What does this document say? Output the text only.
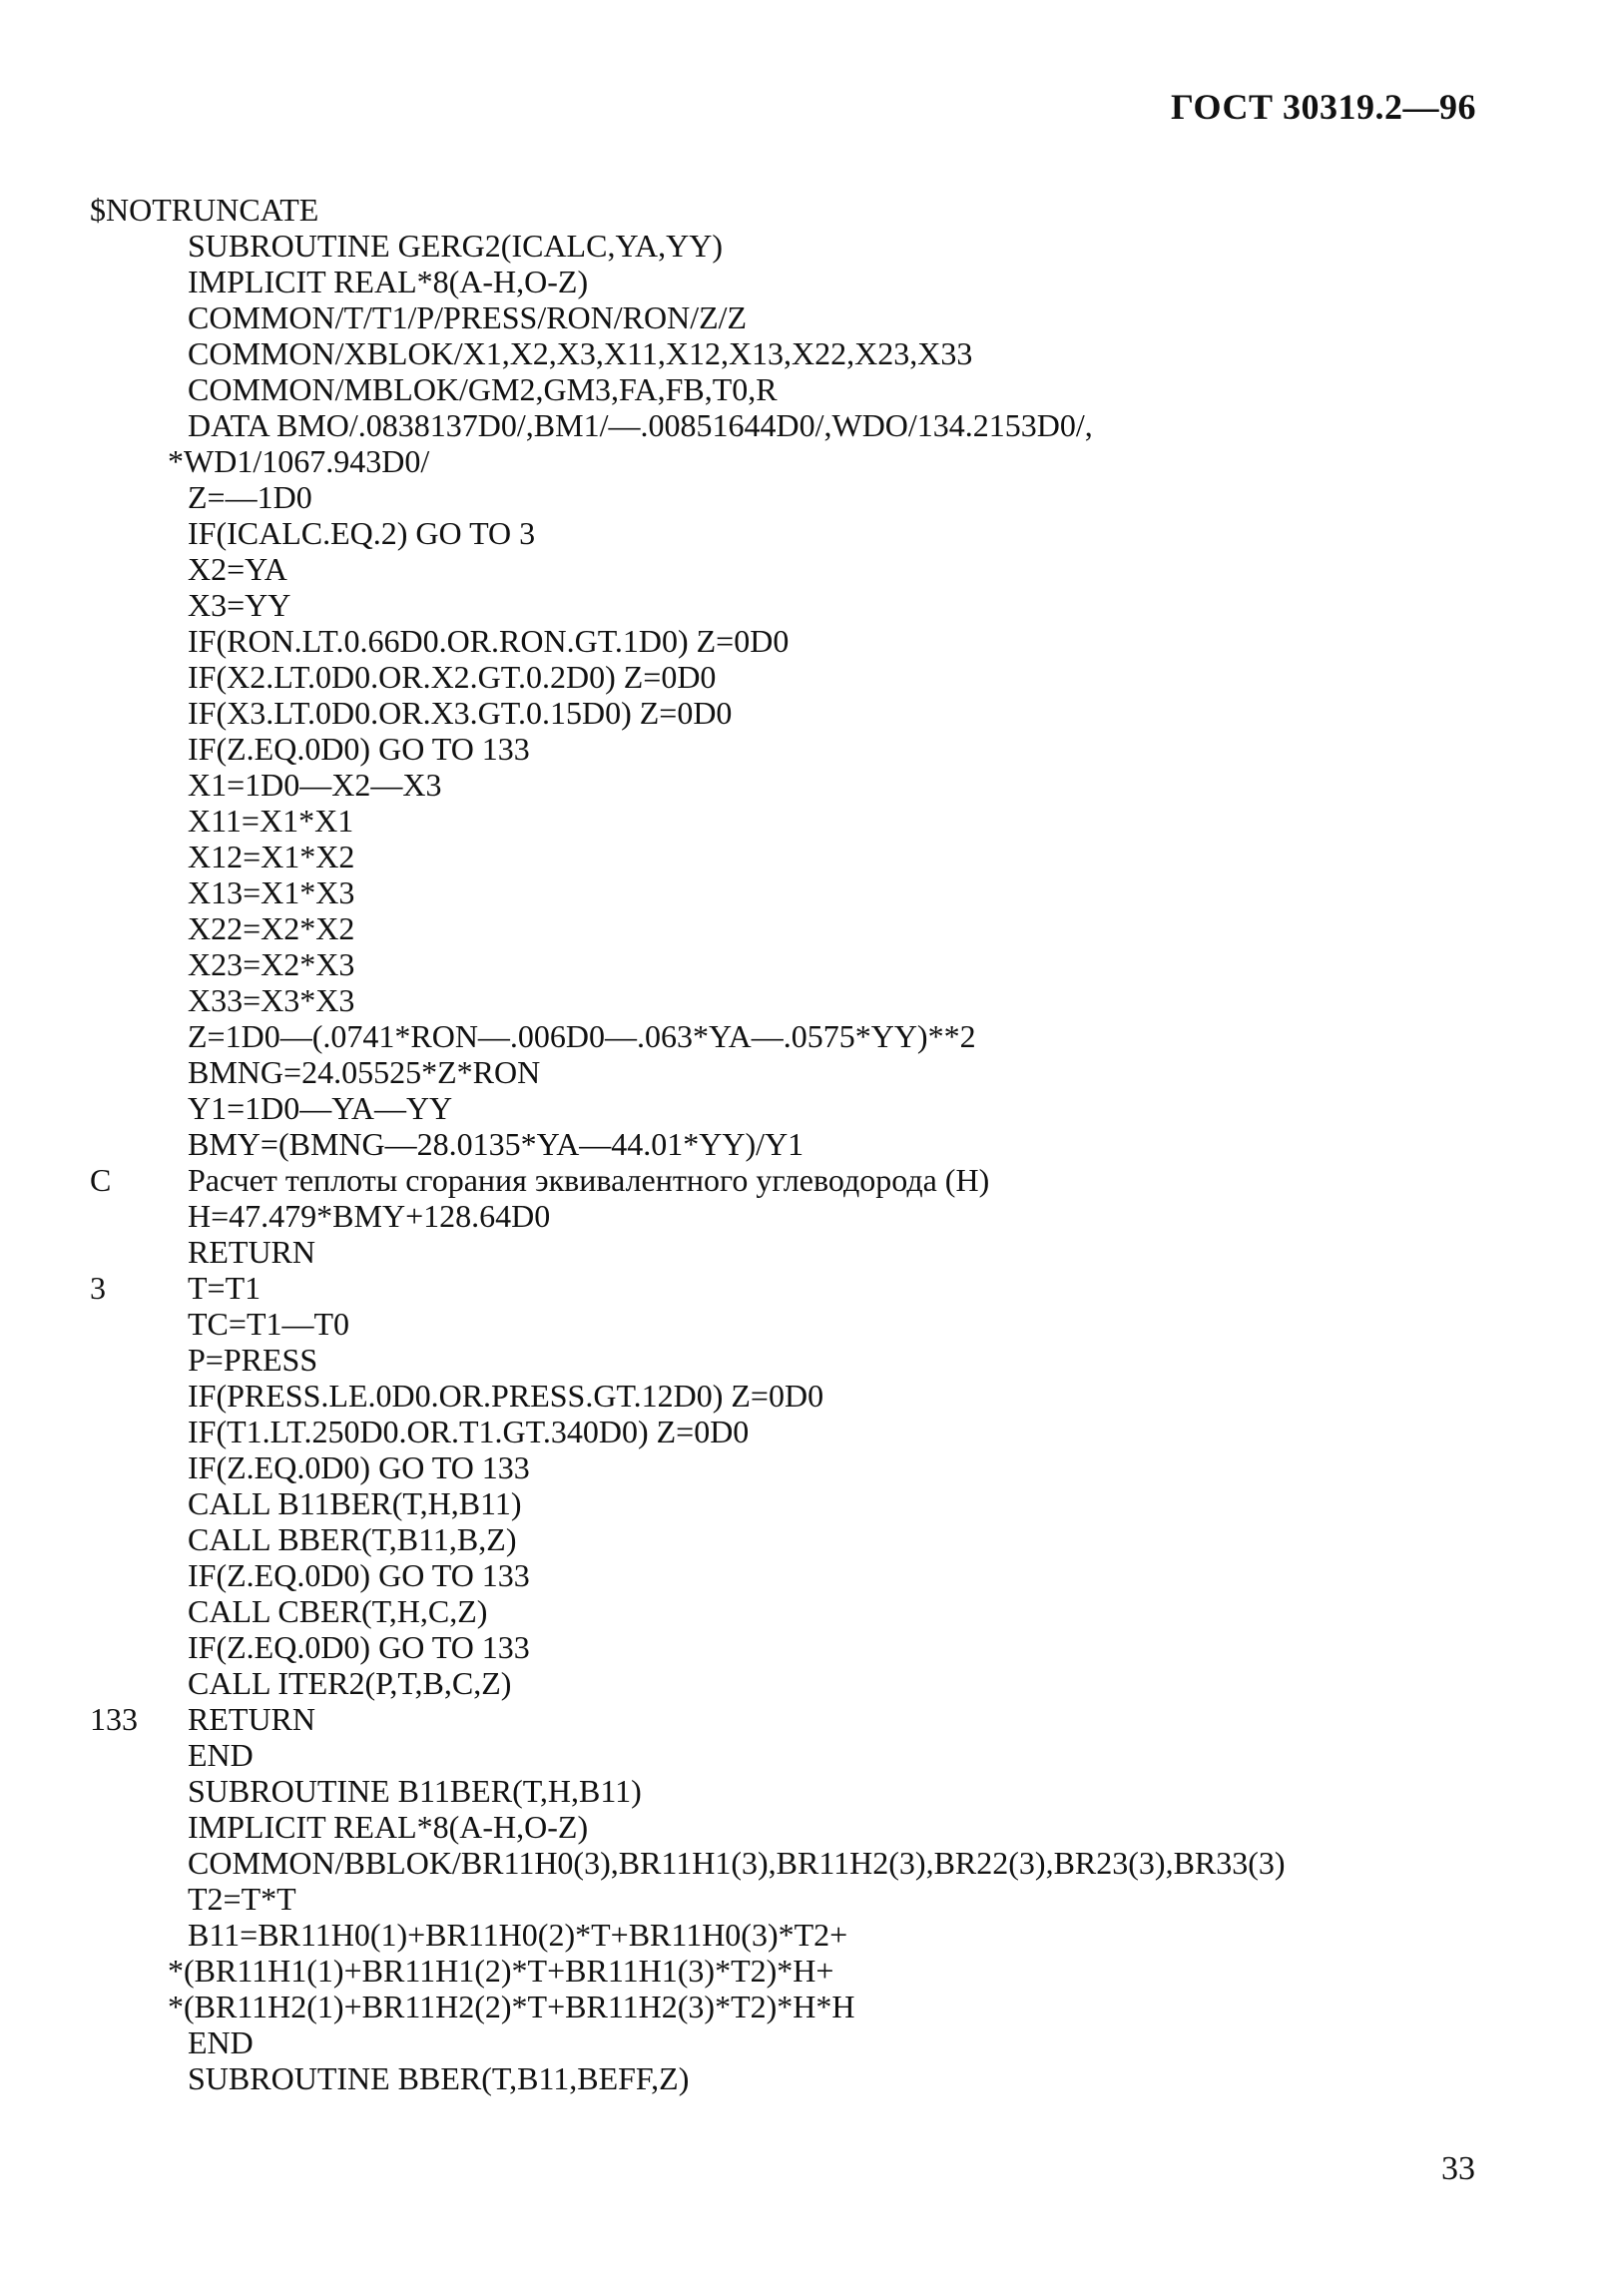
ГОСТ 30319.2—96
$NOTRUNCATE
SUBROUTINE GERG2(ICALC,YA,YY)
IMPLICIT REAL*8(A-H,O-Z)
COMMON/T/T1/P/PRESS/RON/RON/Z/Z
COMMON/XBLOK/X1,X2,X3,X11,X12,X13,X22,X23,X33
COMMON/MBLOK/GM2,GM3,FA,FB,T0,R
DATA BMO/.0838137D0/,BM1/—.00851644D0/,WDO/134.2153D0/,
*WD1/1067.943D0/
Z=—1D0
IF(ICALC.EQ.2) GO TO 3
X2=YA
X3=YY
IF(RON.LT.0.66D0.OR.RON.GT.1D0) Z=0D0
IF(X2.LT.0D0.OR.X2.GT.0.2D0) Z=0D0
IF(X3.LT.0D0.OR.X3.GT.0.15D0) Z=0D0
IF(Z.EQ.0D0) GO TO 133
X1=1D0—X2—X3
X11=X1*X1
X12=X1*X2
X13=X1*X3
X22=X2*X2
X23=X2*X3
X33=X3*X3
Z=1D0—(.0741*RON—.006D0—.063*YA—.0575*YY)**2
BMNG=24.05525*Z*RON
Y1=1D0—YA—YY
BMY=(BMNG—28.0135*YA—44.01*YY)/Y1
C Расчет теплоты сгорания эквивалентного углеводорода (Н)
H=47.479*BMY+128.64D0
RETURN
3	T=T1
TC=T1—T0
P=PRESS
IF(PRESS.LE.0D0.OR.PRESS.GT.12D0) Z=0D0
IF(T1.LT.250D0.OR.T1.GT.340D0) Z=0D0
IF(Z.EQ.0D0) GO TO 133
CALL B11BER(T,H,B11)
CALL BBER(T,B11,B,Z)
IF(Z.EQ.0D0) GO TO 133
CALL CBER(T,H,C,Z)
IF(Z.EQ.0D0) GO TO 133
CALL ITER2(P,T,B,C,Z)
133 RETURN
END
SUBROUTINE B11BER(T,H,B11)
IMPLICIT REAL*8(A-H,O-Z)
COMMON/BBLOK/BR11H0(3),BR11H1(3),BR11H2(3),BR22(3),BR23(3),BR33(3)
T2=T*T
B11=BR11H0(1)+BR11H0(2)*T+BR11H0(3)*T2+
*(BR11H1(1)+BR11H1(2)*T+BR11H1(3)*T2)*H+
*(BR11H2(1)+BR11H2(2)*T+BR11H2(3)*T2)*H*H
END
SUBROUTINE BBER(T,B11,BEFF,Z)
33
